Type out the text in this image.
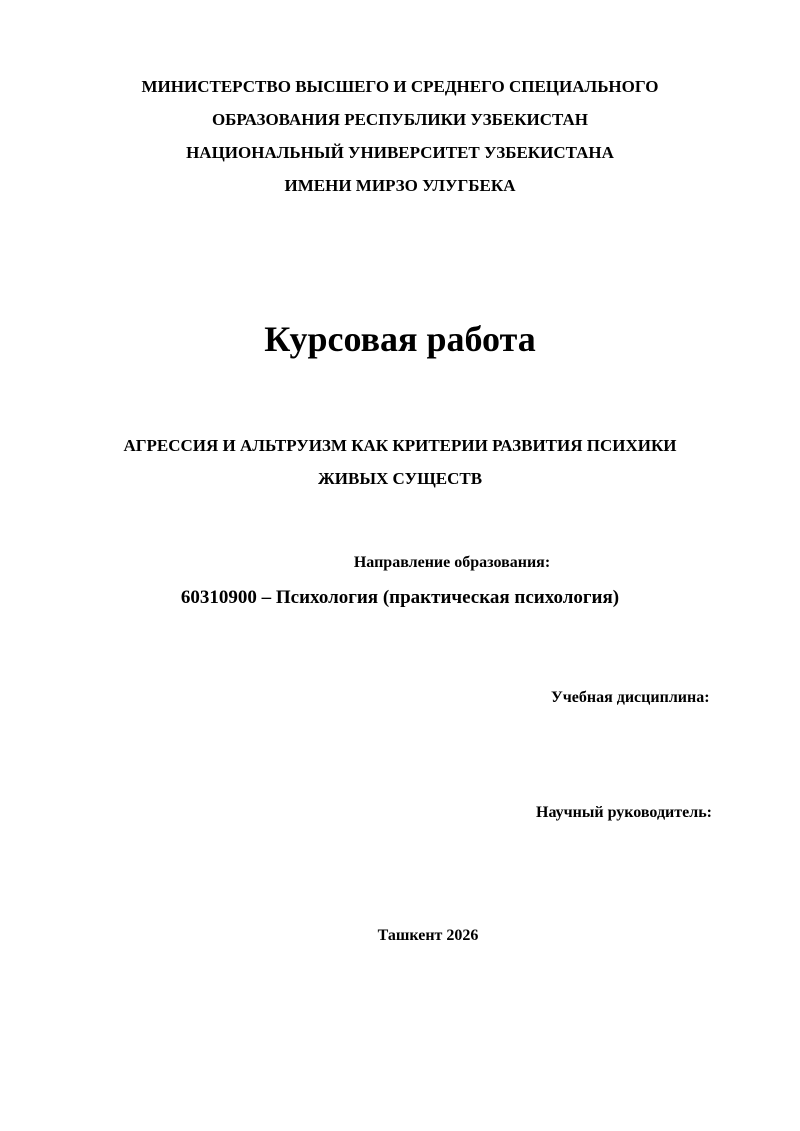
МИНИСТЕРСТВО ВЫСШЕГО И СРЕДНЕГО СПЕЦИАЛЬНОГО
ОБРАЗОВАНИЯ РЕСПУБЛИКИ УЗБЕКИСТАН
НАЦИОНАЛЬНЫЙ УНИВЕРСИТЕТ УЗБЕКИСТАНА
ИМЕНИ МИРЗО УЛУГБЕКА
Курсовая работа
АГРЕССИЯ И АЛЬТРУИЗМ КАК КРИТЕРИИ РАЗВИТИЯ ПСИХИКИ
ЖИВЫХ СУЩЕСТВ
Направление образования:
60310900 – Психология (практическая психология)
Учебная дисциплина:
Научный руководитель:
Ташкент 2026
